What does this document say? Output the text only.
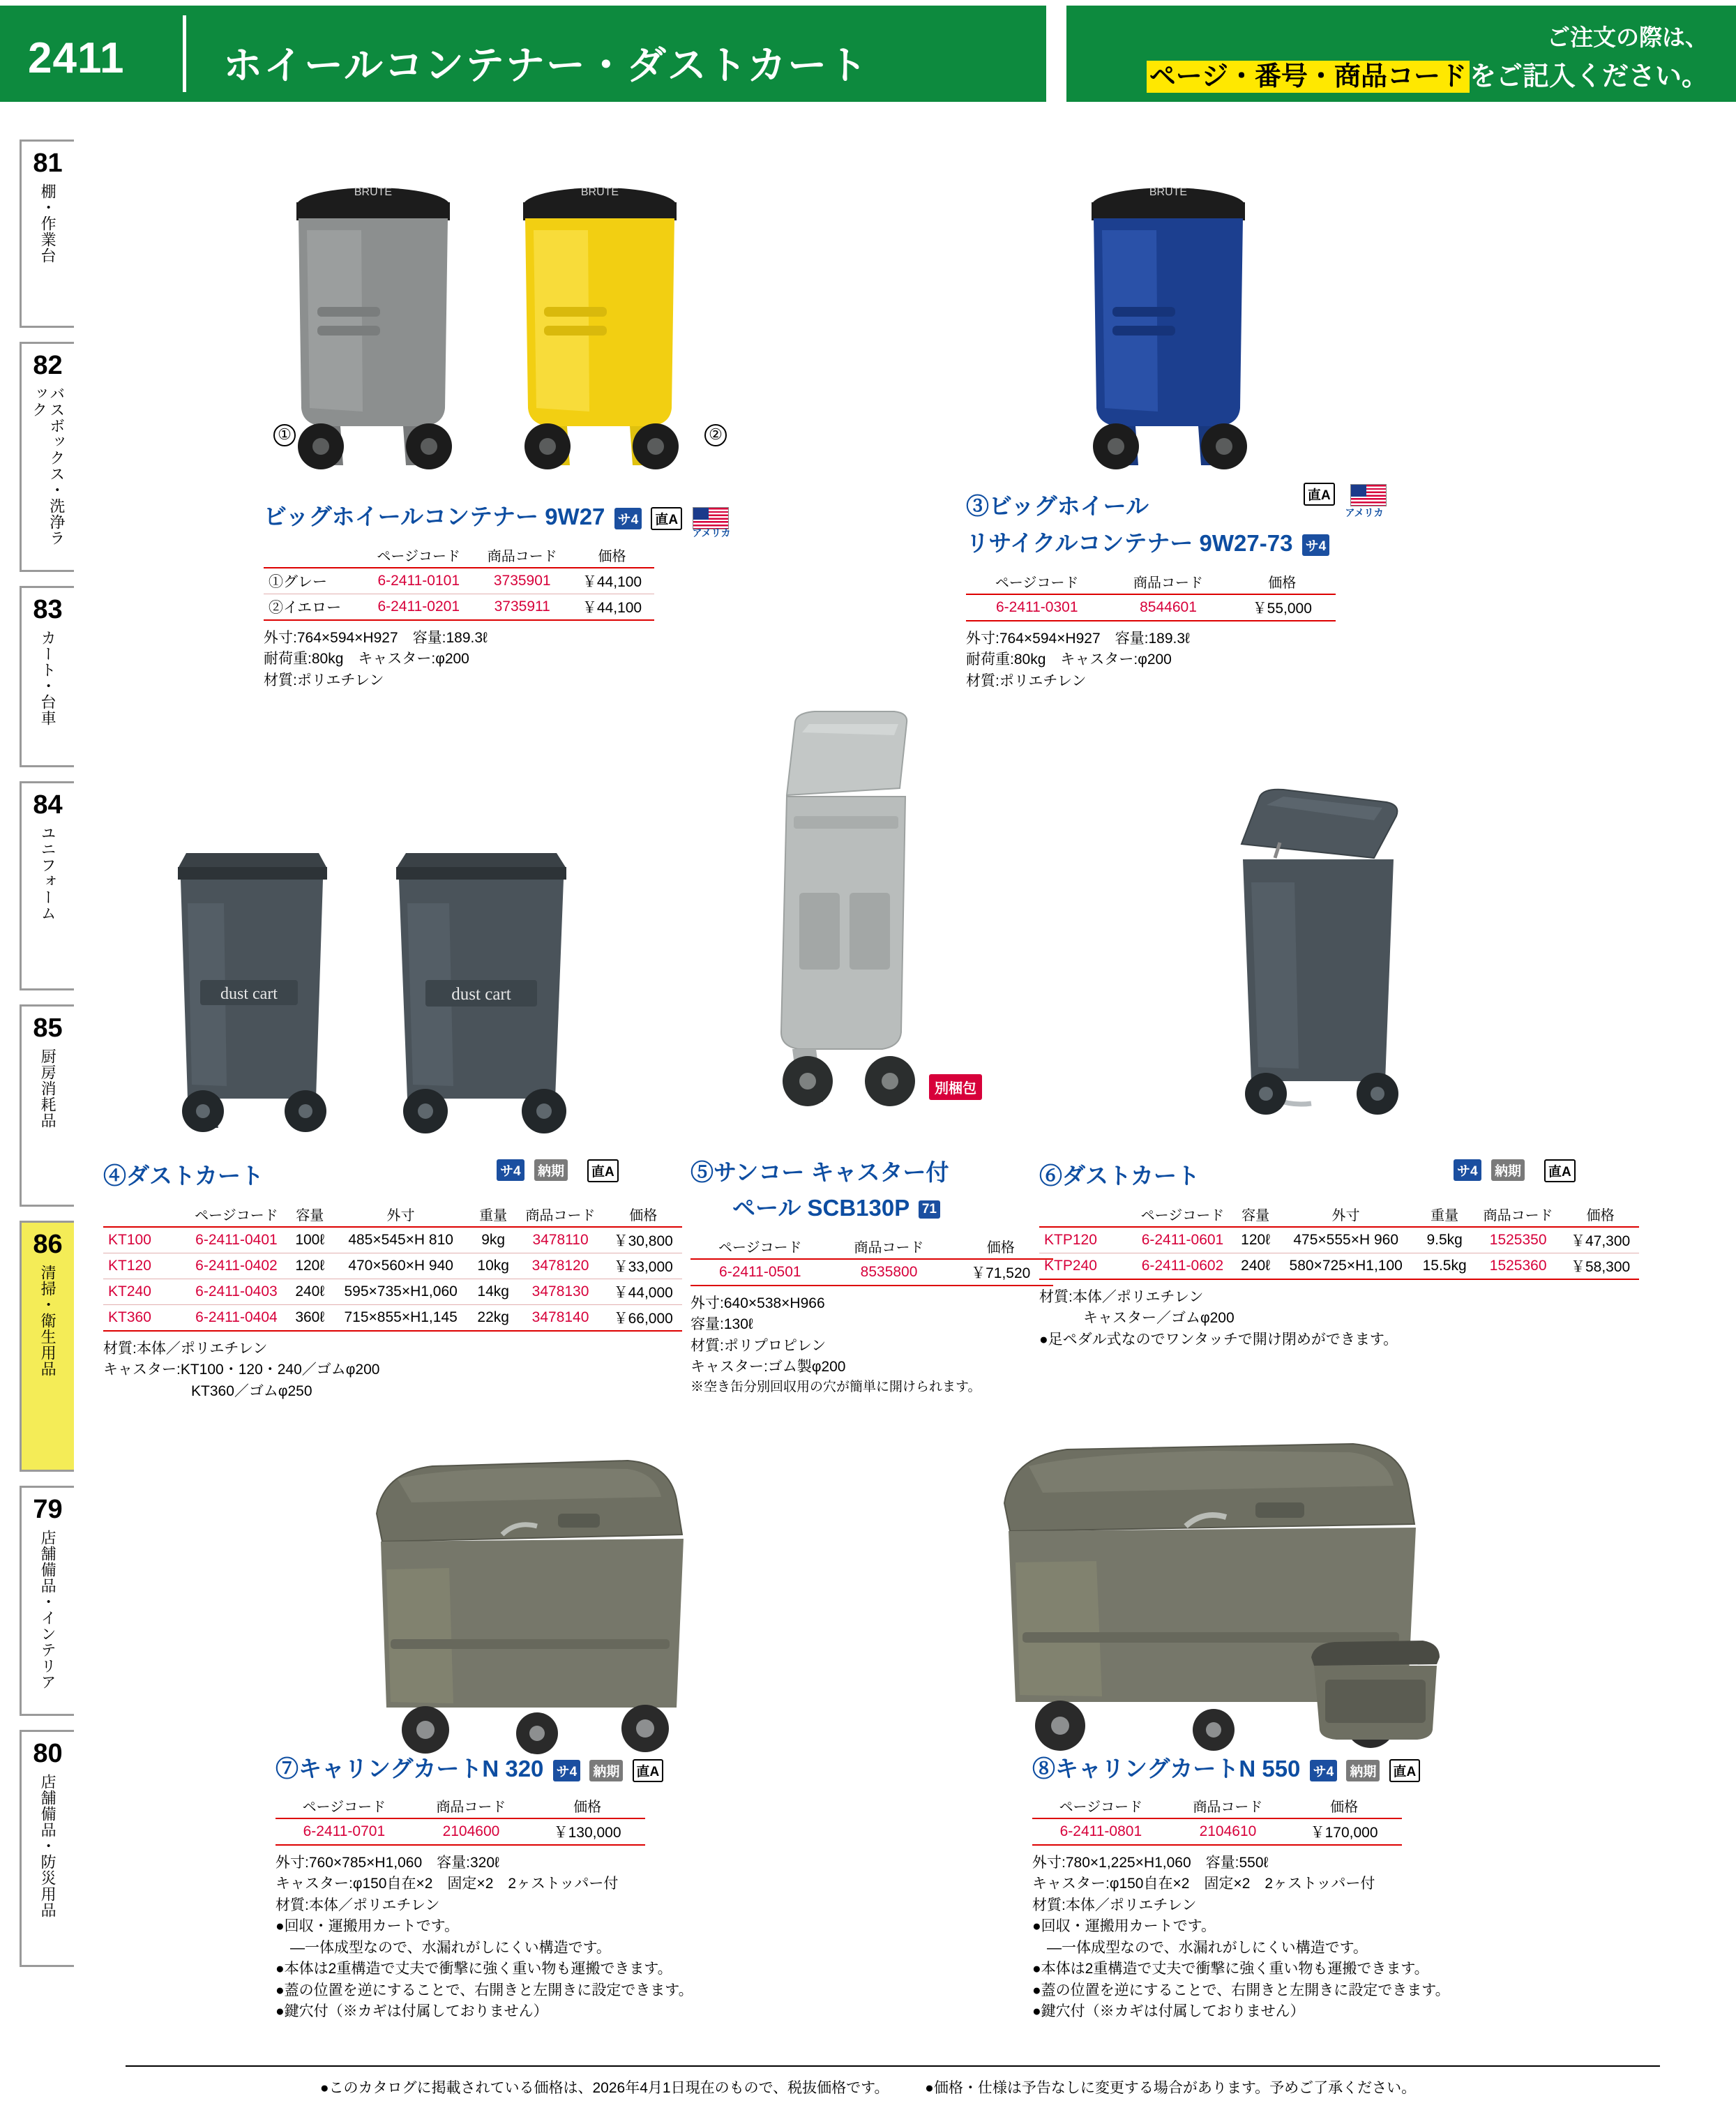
2411	ホイールコンテナー・ダストカート
ご注文の際は、
ページ・番号・商品コード をご記入ください。
81
棚・作業台
82
バスボックス・洗浄ラック
83
カート・台車
84
ユニフォーム
85
厨房消耗品
86
清掃・衛生用品
79
店舗備品・インテリア
80
店舗備品・防災用品
BRUTE
①
BRUTE
②
ビッグホイールコンテナー 9W27 サ4 直A
アメリカ
	ページコード	商品コード	価格
①グレー	6-2411-0101	3735901	￥44,100
②イエロー	6-2411-0201	3735911	￥44,100
外寸:764×594×H927　容量:189.3ℓ
耐荷重:80kg　キャスター:φ200
材質:ポリエチレン
BRUTE
③ビッグホイール	直A
アメリカ
リサイクルコンテナー 9W27-73 サ4
ページコード	商品コード	価格
6-2411-0301	8544601	￥55,000
外寸:764×594×H927　容量:189.3ℓ
耐荷重:80kg　キャスター:φ200
材質:ポリエチレン
dust cart	dust cart
④ダストカート	サ4 納期	直A
	ページコード	容量	外寸	重量	商品コード	価格
KT100	6-2411-0401	100ℓ	485×545×H 810	9kg	3478110	￥30,800
KT120	6-2411-0402	120ℓ	470×560×H 940	10kg	3478120	￥33,000
KT240	6-2411-0403	240ℓ	595×735×H1,060	14kg	3478130	￥44,000
KT360	6-2411-0404	360ℓ	715×855×H1,145	22kg	3478140	￥66,000
材質:本体／ポリエチレン
キャスター:KT100・120・240／ゴムφ200
　　　　　　KT360／ゴムφ250
別梱包
⑤サンコー キャスター付
ペール SCB130P 71
ページコード	商品コード	価格
6-2411-0501	8535800	￥71,520
外寸:640×538×H966
容量:130ℓ
材質:ポリプロピレン
キャスター:ゴム製φ200
※空き缶分別回収用の穴が簡単に開けられます。
⑥ダストカート	サ4 納期	直A
	ページコード	容量	外寸	重量	商品コード	価格
KTP120	6-2411-0601	120ℓ	475×555×H 960	9.5kg	1525350	￥47,300
KTP240	6-2411-0602	240ℓ	580×725×H1,100	15.5kg	1525360	￥58,300
材質:本体／ポリエチレン
　　　キャスター／ゴムφ200
●足ペダル式なのでワンタッチで開け閉めができます。
⑦キャリングカートN 320 サ4 納期 直A
ページコード	商品コード	価格
6-2411-0701	2104600	￥130,000
外寸:760×785×H1,060　容量:320ℓ
キャスター:φ150自在×2　固定×2　2ヶストッパー付
材質:本体／ポリエチレン
●回収・運搬用カートです。
　―一体成型なので、水漏れがしにくい構造です。
●本体は2重構造で丈夫で衝撃に強く重い物も運搬できます。
●蓋の位置を逆にすることで、右開きと左開きに設定できます。
●鍵穴付（※カギは付属しておりません）
⑧キャリングカートN 550 サ4 納期 直A
ページコード	商品コード	価格
6-2411-0801	2104610	￥170,000
外寸:780×1,225×H1,060　容量:550ℓ
キャスター:φ150自在×2　固定×2　2ヶストッパー付
材質:本体／ポリエチレン
●回収・運搬用カートです。
　―一体成型なので、水漏れがしにくい構造です。
●本体は2重構造で丈夫で衝撃に強く重い物も運搬できます。
●蓋の位置を逆にすることで、右開きと左開きに設定できます。
●鍵穴付（※カギは付属しておりません）
●このカタログに掲載されている価格は、2026年4月1日現在のもので、税抜価格です。 ●価格・仕様は予告なしに変更する場合があります。予めご了承ください。
